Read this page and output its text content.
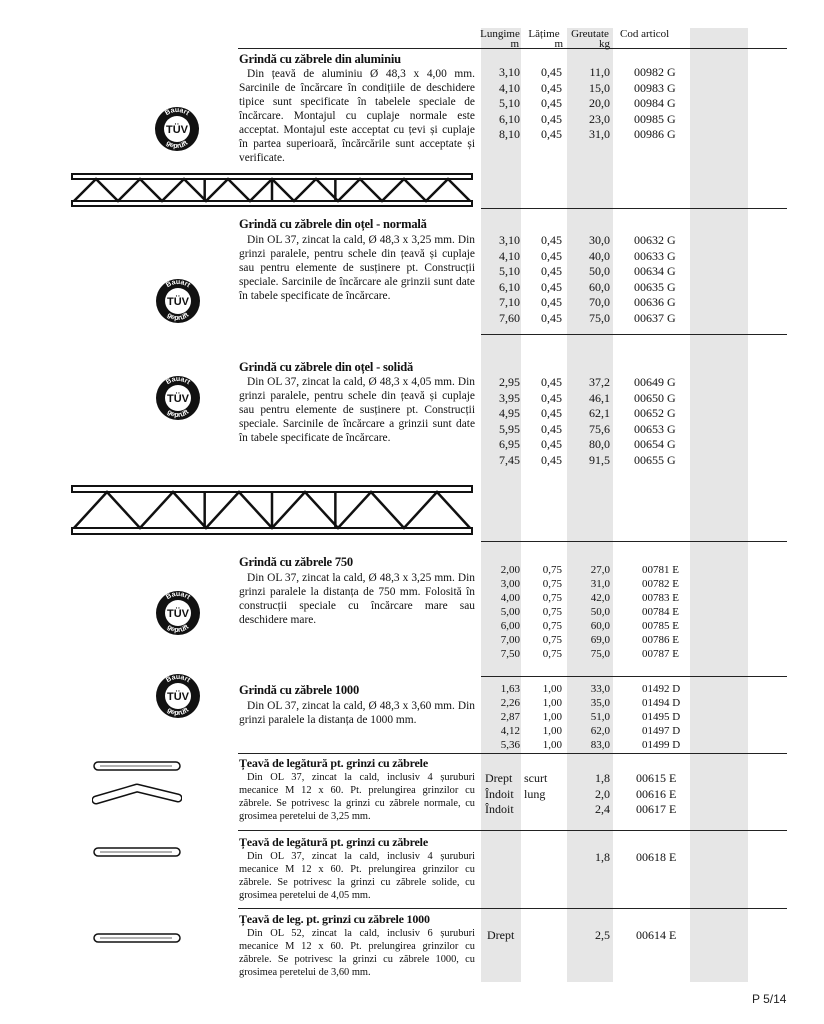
Lungime
m
Lățime
m
Greutate
kg
Cod articol
Grindă cu zăbrele din aluminiu
Din țeavă de aluminiu Ø 48,3 x 4,00 mm. Sarcinile de încărcare în condițiile de deschidere tipice sunt specificate în tabelele speciale de încărcare. Montajul cu cuplaje normale este acceptat. Montajul este acceptat cu țevi și cuplaje în partea superioară, încărcările sunt acceptate și verificate.
3,10
4,10
5,10
6,10
8,10
0,45
0,45
0,45
0,45
0,45
11,0
15,0
20,0
23,0
31,0
00982 G
00983 G
00984 G
00985 G
00986 G
Grindă cu zăbrele din oțel - normală
Din OL 37, zincat la cald, Ø 48,3 x 3,25 mm. Din grinzi paralele, pentru schele din țeavă și cuplaje sau pentru elemente de susținere pt. Construcții speciale. Sarcinile de încărcare ale grinzii sunt date în tabele specificate de încărcare.
3,10
4,10
5,10
6,10
7,10
7,60
0,45
0,45
0,45
0,45
0,45
0,45
30,0
40,0
50,0
60,0
70,0
75,0
00632 G
00633 G
00634 G
00635 G
00636 G
00637 G
Grindă cu zăbrele din oțel - solidă
Din OL 37, zincat la cald, Ø 48,3 x 4,05 mm. Din grinzi paralele, pentru schele din țeavă și cuplaje sau pentru elemente de susținere pt. Construcții speciale. Sarcinile de încărcare a grinzii sunt date în tabele specificate de încărcare.
2,95
3,95
4,95
5,95
6,95
7,45
0,45
0,45
0,45
0,45
0,45
0,45
37,2
46,1
62,1
75,6
80,0
91,5
00649 G
00650 G
00652 G
00653 G
00654 G
00655 G
Grindă cu zăbrele 750
Din OL 37, zincat la cald, Ø 48,3 x 3,25 mm. Din grinzi paralele la distanța de 750 mm. Folosită în construcții speciale cu încărcare mare sau deschidere mare.
2,00
3,00
4,00
5,00
6,00
7,00
7,50
0,75
0,75
0,75
0,75
0,75
0,75
0,75
27,0
31,0
42,0
50,0
60,0
69,0
75,0
00781 E
00782 E
00783 E
00784 E
00785 E
00786 E
00787 E
Grindă cu zăbrele 1000
Din OL 37, zincat la cald, Ø 48,3 x 3,60 mm. Din grinzi paralele la distanța de 1000 mm.
1,63
2,26
2,87
4,12
5,36
1,00
1,00
1,00
1,00
1,00
33,0
35,0
51,0
62,0
83,0
01492 D
01494 D
01495 D
01497 D
01499 D
Țeavă de legătură pt. grinzi cu zăbrele
Din OL 37, zincat la cald, inclusiv 4 șuruburi mecanice M 12 x 60. Pt. prelungirea grinzilor cu zăbrele. Se potrivesc la grinzi cu zăbrele normale, cu grosimea peretelui de 3,25 mm.
Drept
Îndoit
Îndoit
scurt
lung
1,8
2,0
2,4
00615 E
00616 E
00617 E
Țeavă de legătură pt. grinzi cu zăbrele
Din OL 37, zincat la cald, inclusiv 4 șuruburi mecanice M 12 x 60. Pt. prelungirea grinzilor cu zăbrele. Se potrivesc la grinzi cu zăbrele solide, cu grosimea peretelui de 4,05 mm.
1,8 00618 E
Țeavă de leg. pt. grinzi cu zăbrele 1000
Din OL 52, zincat la cald, inclusiv 6 șuruburi mecanice M 12 x 60. Pt. prelungirea grinzilor cu zăbrele. Se potrivesc la grinzi cu zăbrele 1000, cu grosimea peretelui de 3,60 mm.
Drept	2,5 00614 E
TÜV
TÜV
TÜV
TÜV
TÜV
P 5/14
